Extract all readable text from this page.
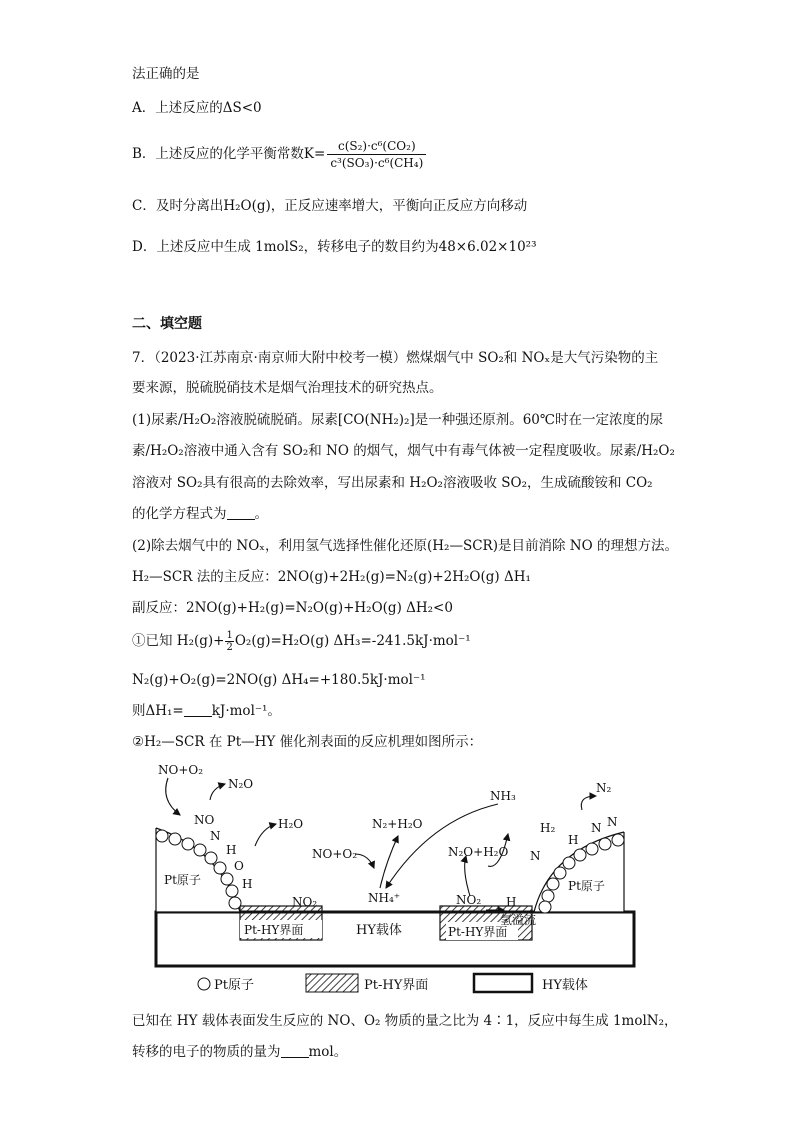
法正确的是
A．上述反应的ΔS<0
B．上述反应的化学平衡常数$K= \frac{\text{c(S₂)·c⁶(CO₂)}}{\text{c³(SO₃)·c⁶(CH₄)}}$
C．及时分离出H₂O(g)，正反应速率增大，平衡向正反应方向移动
D．上述反应中生成 1molS₂，转移电子的数目约为48×6.02×10²³
二、填空题
7．（2023·江苏南京·南京师大附中校考一模）燃煤烟气中 SO₂和 NOₓ是大气污染物的主
要来源，脱硫脱硝技术是烟气治理技术的研究热点。
(1)尿素/H₂O₂溶液脱硫脱硝。尿素[CO(NH₂)₂]是一种强还原剂。60℃时在一定浓度的尿
素/H₂O₂溶液中通入含有 SO₂和 NO 的烟气，烟气中有毒气体被一定程度吸收。尿素/H₂O₂
溶液对 SO₂具有很高的去除效率，写出尿素和 H₂O₂溶液吸收 SO₂，生成硫酸铵和 CO₂
的化学方程式为 。
(2)除去烟气中的 NOₓ，利用氢气选择性催化还原(H₂—SCR)是目前消除 NO 的理想方法。
H₂—SCR 法的主反应：2NO(g)+2H₂(g)=N₂(g)+2H₂O(g) ΔH₁
副反应：2NO(g)+H₂(g)=N₂O(g)+H₂O(g) ΔH₂<0
①已知 $H_2(g)+ \frac{1}{2} O_2(g)=H_2O(g)$ ΔH₃=-241.5kJ·mol⁻¹
N₂(g)+O₂(g)=2NO(g) ΔH₄=+180.5kJ·mol⁻¹
则ΔH₁= kJ·mol⁻¹。
②H₂—SCR 在 Pt—HY 催化剂表面的反应机理如图所示：
NO+O₂
N₂O
NO
N
H₂O
H
O
H
Pt原子
NO₂
N₂+H₂O
NO+O₂
NH₄⁺
NH₃
N₂O+H₂O
NO₂ H
氢溢流
H₂
N₂
H
N N
N
Pt原子
Pt-HY界面	HY载体	Pt-HY界面
Pt原子	Pt-HY界面	HY载体
已知在 HY 载体表面发生反应的 NO、O₂ 物质的量之比为 4∶1，反应中每生成 1molN₂，
转移的电子的物质的量为 mol。
